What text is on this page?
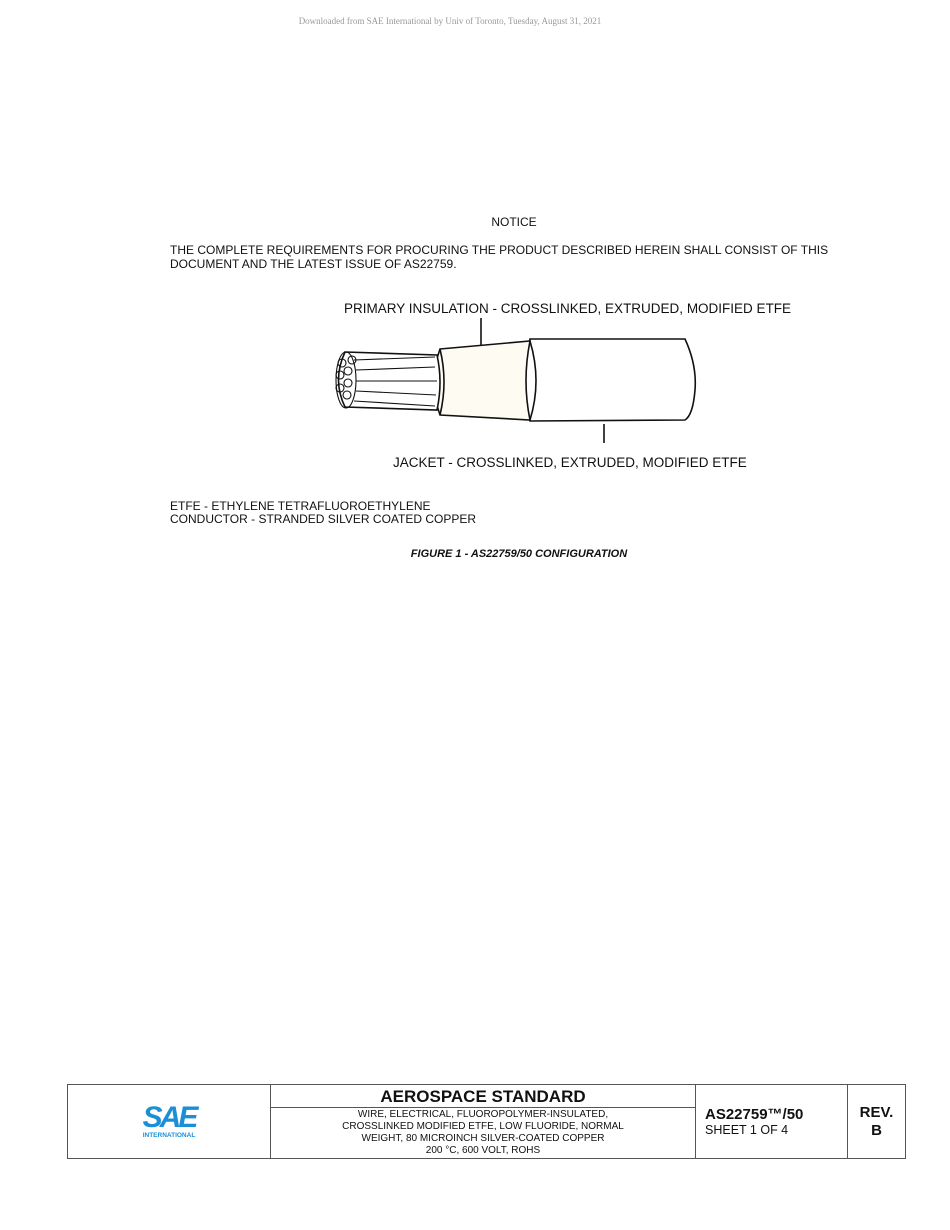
Downloaded from SAE International by Univ of Toronto, Tuesday, August 31, 2021
NOTICE
THE COMPLETE REQUIREMENTS FOR PROCURING THE PRODUCT DESCRIBED HEREIN SHALL CONSIST OF THIS DOCUMENT AND THE LATEST ISSUE OF AS22759.
PRIMARY INSULATION - CROSSLINKED, EXTRUDED, MODIFIED ETFE
JACKET - CROSSLINKED, EXTRUDED, MODIFIED ETFE
ETFE - ETHYLENE TETRAFLUOROETHYLENE
CONDUCTOR - STRANDED SILVER COATED COPPER
FIGURE 1 - AS22759/50 CONFIGURATION
SAE
INTERNATIONAL

AEROSPACE STANDARD
WIRE, ELECTRICAL, FLUOROPOLYMER-INSULATED,
CROSSLINKED MODIFIED ETFE, LOW FLUORIDE, NORMAL
WEIGHT, 80 MICROINCH SILVER-COATED COPPER
200 °C, 600 VOLT, ROHS

AS22759™/50
SHEET 1 OF 4

REV.
B
